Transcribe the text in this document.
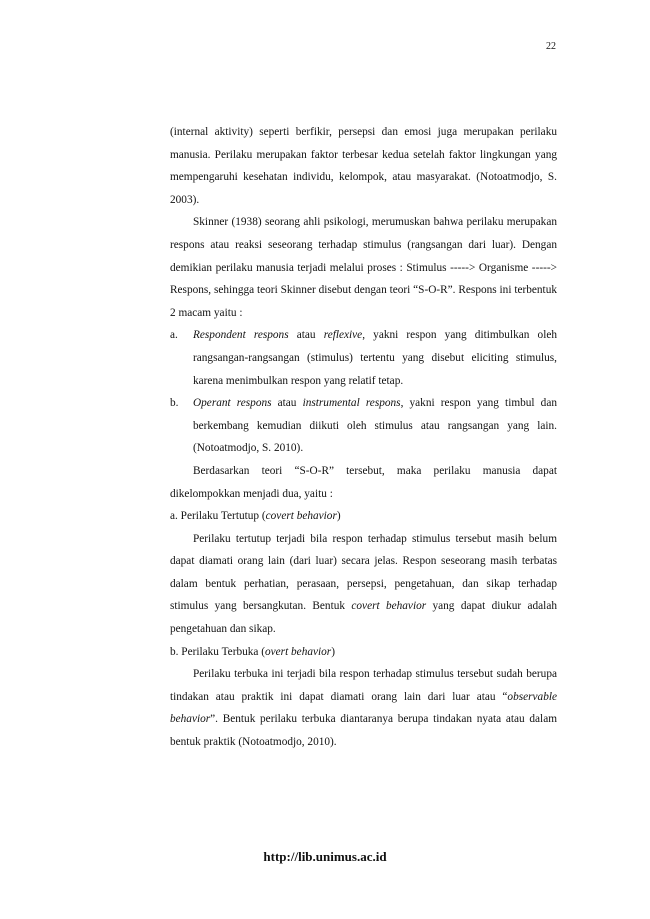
22

(internal aktivity) seperti berfikir, persepsi dan emosi juga merupakan perilaku manusia. Perilaku merupakan faktor terbesar kedua setelah faktor lingkungan yang mempengaruhi kesehatan individu, kelompok, atau masyarakat. (Notoatmodjo, S. 2003).

Skinner (1938) seorang ahli psikologi, merumuskan bahwa perilaku merupakan respons atau reaksi seseorang terhadap stimulus (rangsangan dari luar). Dengan demikian perilaku manusia terjadi melalui proses : Stimulus -----> Organisme -----> Respons, sehingga teori Skinner disebut dengan teori “S-O-R”. Respons ini terbentuk 2 macam yaitu :

a.	Respondent respons atau reflexive, yakni respon yang ditimbulkan oleh rangsangan-rangsangan (stimulus) tertentu yang disebut eliciting stimulus, karena menimbulkan respon yang relatif tetap.
b.	Operant respons atau instrumental respons, yakni respon yang timbul dan berkembang kemudian diikuti oleh stimulus atau rangsangan yang lain. (Notoatmodjo, S. 2010).

Berdasarkan teori “S-O-R” tersebut, maka perilaku manusia dapat dikelompokkan menjadi dua, yaitu :

a. Perilaku Tertutup (covert behavior)

Perilaku tertutup terjadi bila respon terhadap stimulus tersebut masih belum dapat diamati orang lain (dari luar) secara jelas. Respon seseorang masih terbatas dalam bentuk perhatian, perasaan, persepsi, pengetahuan, dan sikap terhadap stimulus yang bersangkutan. Bentuk covert behavior yang dapat diukur adalah pengetahuan dan sikap.

b. Perilaku Terbuka (overt behavior)

Perilaku terbuka ini terjadi bila respon terhadap stimulus tersebut sudah berupa tindakan atau praktik ini dapat diamati orang lain dari luar atau “observable behavior”. Bentuk perilaku terbuka diantaranya berupa tindakan nyata atau dalam bentuk praktik (Notoatmodjo, 2010).

http://lib.unimus.ac.id
